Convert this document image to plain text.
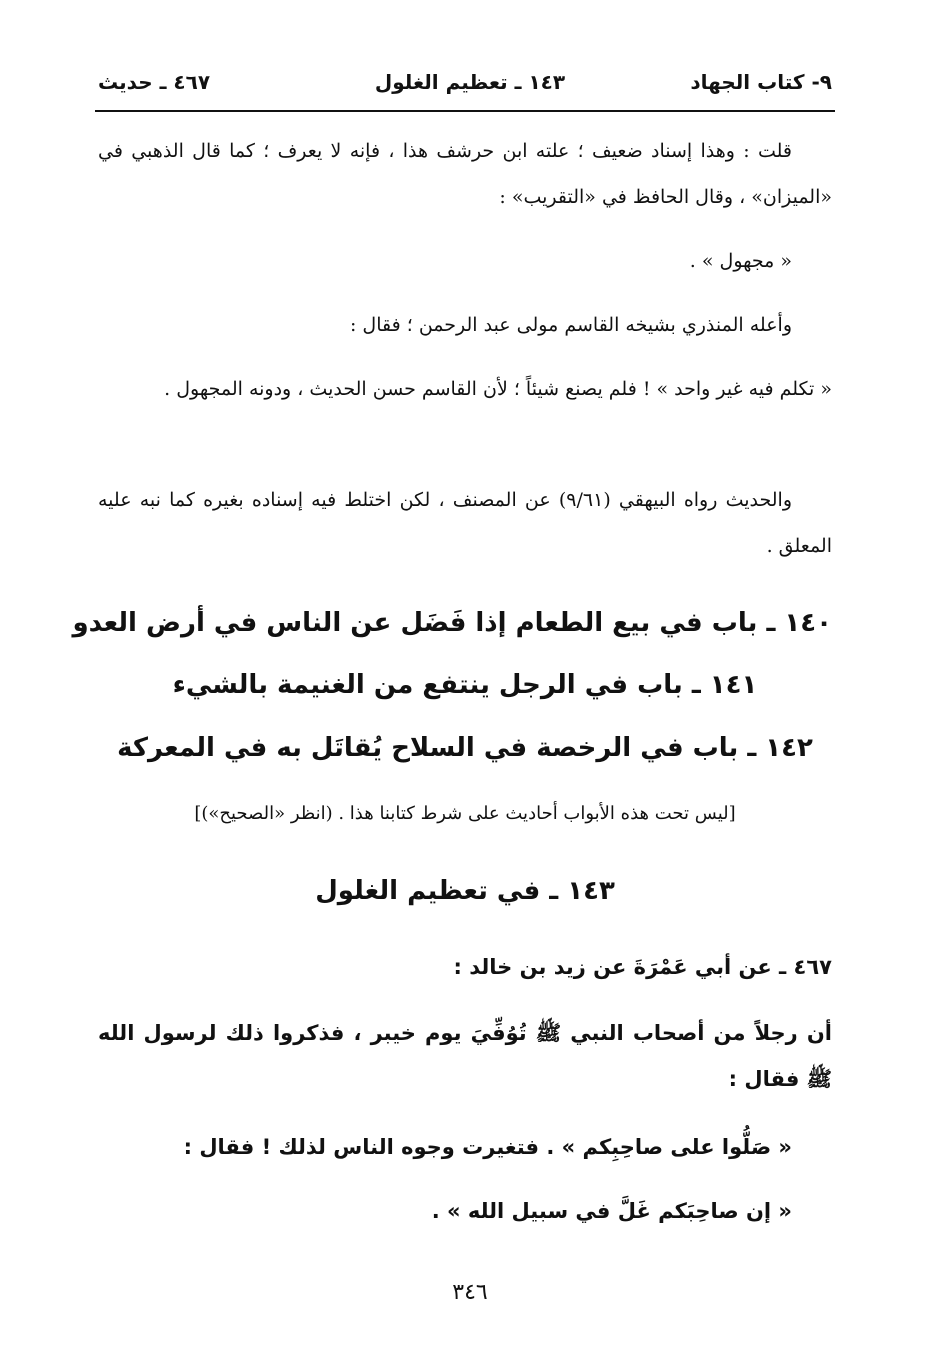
٩- كتاب الجهاد
١٤٣ ـ تعظيم الغلول
٤٦٧ ـ حديث
قلت : وهذا إسناد ضعيف ؛ علته ابن حرشف هذا ، فإنه لا يعرف ؛ كما قال الذهبي في «الميزان» ، وقال الحافظ في «التقريب» :
« مجهول » .
وأعله المنذري بشيخه القاسم مولى عبد الرحمن ؛ فقال :
« تكلم فيه غير واحد » ! فلم يصنع شيئاً ؛ لأن القاسم حسن الحديث ، ودونه المجهول .
والحديث رواه البيهقي (٩/٦١) عن المصنف ، لكن اختلط فيه إسناده بغيره كما نبه عليه المعلق .
١٤٠ ـ باب في بيع الطعام إذا فَضَل عن الناس في أرض العدو
١٤١ ـ باب في الرجل ينتفع من الغنيمة بالشيء
١٤٢ ـ باب في الرخصة في السلاح يُقاتَل به في المعركة
[ليس تحت هذه الأبواب أحاديث على شرط كتابنا هذا . (انظر «الصحيح»)]
١٤٣ ـ في تعظيم الغلول
٤٦٧ ـ عن أبي عَمْرَةَ عن زيد بن خالد :
أن رجلاً من أصحاب النبي ﷺ تُوُفِّيَ يوم خيبر ، فذكروا ذلك لرسول الله ﷺ فقال :
« صَلُّوا على صاحِبِكم » . فتغيرت وجوه الناس لذلك ! فقال :
« إن صاحِبَكم غَلَّ في سبيل الله » .
٣٤٦
